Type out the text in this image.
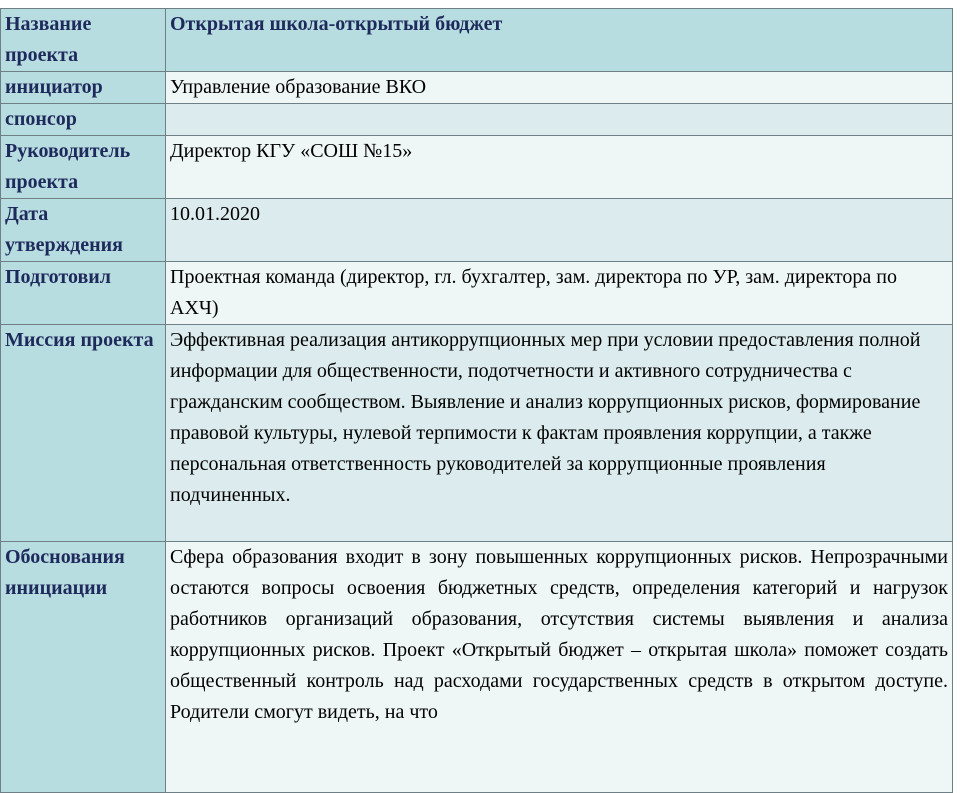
Название проекта	Открытая школа-открытый бюджет
инициатор	Управление образование ВКО
спонсор	
Руководитель проекта	Директор КГУ «СОШ №15»
Дата утверждения	10.01.2020
Подготовил	Проектная команда (директор, гл. бухгалтер, зам. директора по УР, зам. директора по АХЧ)
Миссия проекта	Эффективная реализация антикоррупционных мер при условии предоставления полной информации для общественности, подотчетности и активного сотрудничества с гражданским сообществом. Выявление и анализ коррупционных рисков, формирование правовой культуры, нулевой терпимости к фактам проявления коррупции, а также персональная ответственность руководителей за коррупционные проявления подчиненных.
Обоснования инициации	Сфера образования входит в зону повышенных коррупционных рисков. Непрозрачными остаются вопросы освоения бюджетных средств, определения категорий и нагрузок работников организаций образования, отсутствия системы выявления и анализа коррупционных рисков. Проект «Открытый бюджет – открытая школа» поможет создать общественный контроль над расходами государственных средств в открытом доступе. Родители смогут видеть, на что
